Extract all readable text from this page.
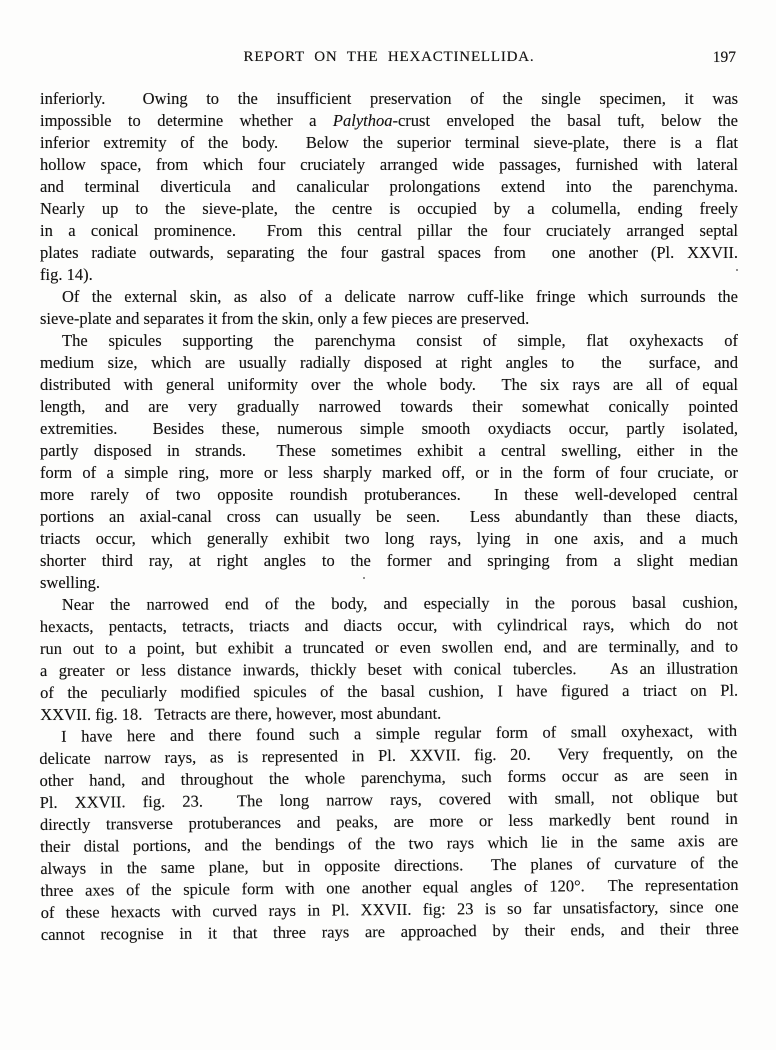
REPORT ON THE HEXACTINELLIDA.	197
inferiorly.  Owing to the insufficient preservation of the single specimen, it was
impossible to determine whether a Palythoa-crust enveloped the basal tuft, below the
inferior extremity of the body.  Below the superior terminal sieve-plate, there is a flat
hollow space, from which four cruciately arranged wide passages, furnished with lateral
and terminal diverticula and canalicular prolongations extend into the parenchyma.
Nearly up to the sieve-plate, the centre is occupied by a columella, ending freely
in a conical prominence.  From this central pillar the four cruciately arranged septal
plates radiate outwards, separating the four gastral spaces from  one another (Pl. XXVII.
fig. 14).
Of the external skin, as also of a delicate narrow cuff-like fringe which surrounds the
sieve-plate and separates it from the skin, only a few pieces are preserved.
The spicules supporting the parenchyma consist of simple, flat oxyhexacts of
medium size, which are usually radially disposed at right angles to  the  surface, and
distributed with general uniformity over the whole body.  The six rays are all of equal
length, and are very gradually narrowed towards their somewhat conically pointed
extremities.  Besides these, numerous simple smooth oxydiacts occur, partly isolated,
partly disposed in strands.  These sometimes exhibit a central swelling, either in the
form of a simple ring, more or less sharply marked off, or in the form of four cruciate, or
more rarely of two opposite roundish protuberances.  In these well-developed central
portions an axial-canal cross can usually be seen.  Less abundantly than these diacts,
triacts occur, which generally exhibit two long rays, lying in one axis, and a much
shorter third ray, at right angles to the former and springing from a slight median
swelling.
Near the narrowed end of the body, and especially in the porous basal cushion,
hexacts, pentacts, tetracts, triacts and diacts occur, with cylindrical rays, which do not
run out to a point, but exhibit a truncated or even swollen end, and are terminally, and to
a greater or less distance inwards, thickly beset with conical tubercles.   As an illustration
of the peculiarly modified spicules of the basal cushion, I have figured a triact on Pl.
XXVII. fig. 18.   Tetracts are there, however, most abundant.
I have here and there found such a simple regular form of small oxyhexact, with
delicate narrow rays, as is represented in Pl. XXVII. fig. 20.  Very frequently, on the
other hand, and throughout the whole parenchyma, such forms occur as are seen in
Pl. XXVII. fig. 23.  The long narrow rays, covered with small, not oblique but
directly transverse protuberances and peaks, are more or less markedly bent round in
their distal portions, and the bendings of the two rays which lie in the same axis are
always in the same plane, but in opposite directions.  The planes of curvature of the
three axes of the spicule form with one another equal angles of 120°.  The representation
of these hexacts with curved rays in Pl. XXVII. fig: 23 is so far unsatisfactory, since one
cannot recognise in it that three rays are approached by their ends, and their three
